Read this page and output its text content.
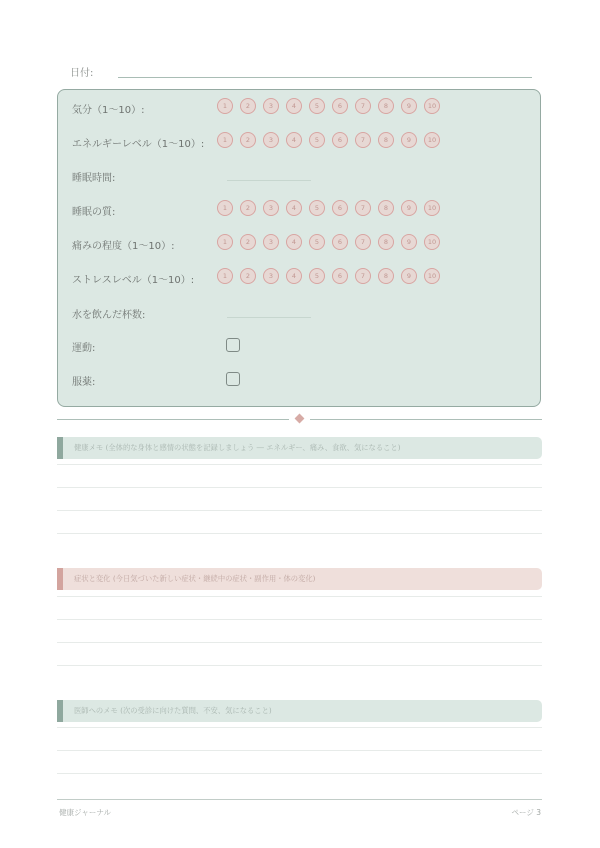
日付:
気分（1〜10）:	1	2	3	4	5	6	7	8	9	10
エネルギーレベル（1〜10）:	1	2	3	4	5	6	7	8	9	10
睡眠時間:
睡眠の質:	1	2	3	4	5	6	7	8	9	10
痛みの程度（1〜10）:	1	2	3	4	5	6	7	8	9	10
ストレスレベル（1〜10）:	1	2	3	4	5	6	7	8	9	10
水を飲んだ杯数:
運動:
服薬:
健康メモ (全体的な身体と感情の状態を記録しましょう ― エネルギー、痛み、食欲、気になること)
症状と変化 (今日気づいた新しい症状・継続中の症状・副作用・体の変化)
医師へのメモ (次の受診に向けた質問、不安、気になること)
健康ジャーナル	ページ 3
